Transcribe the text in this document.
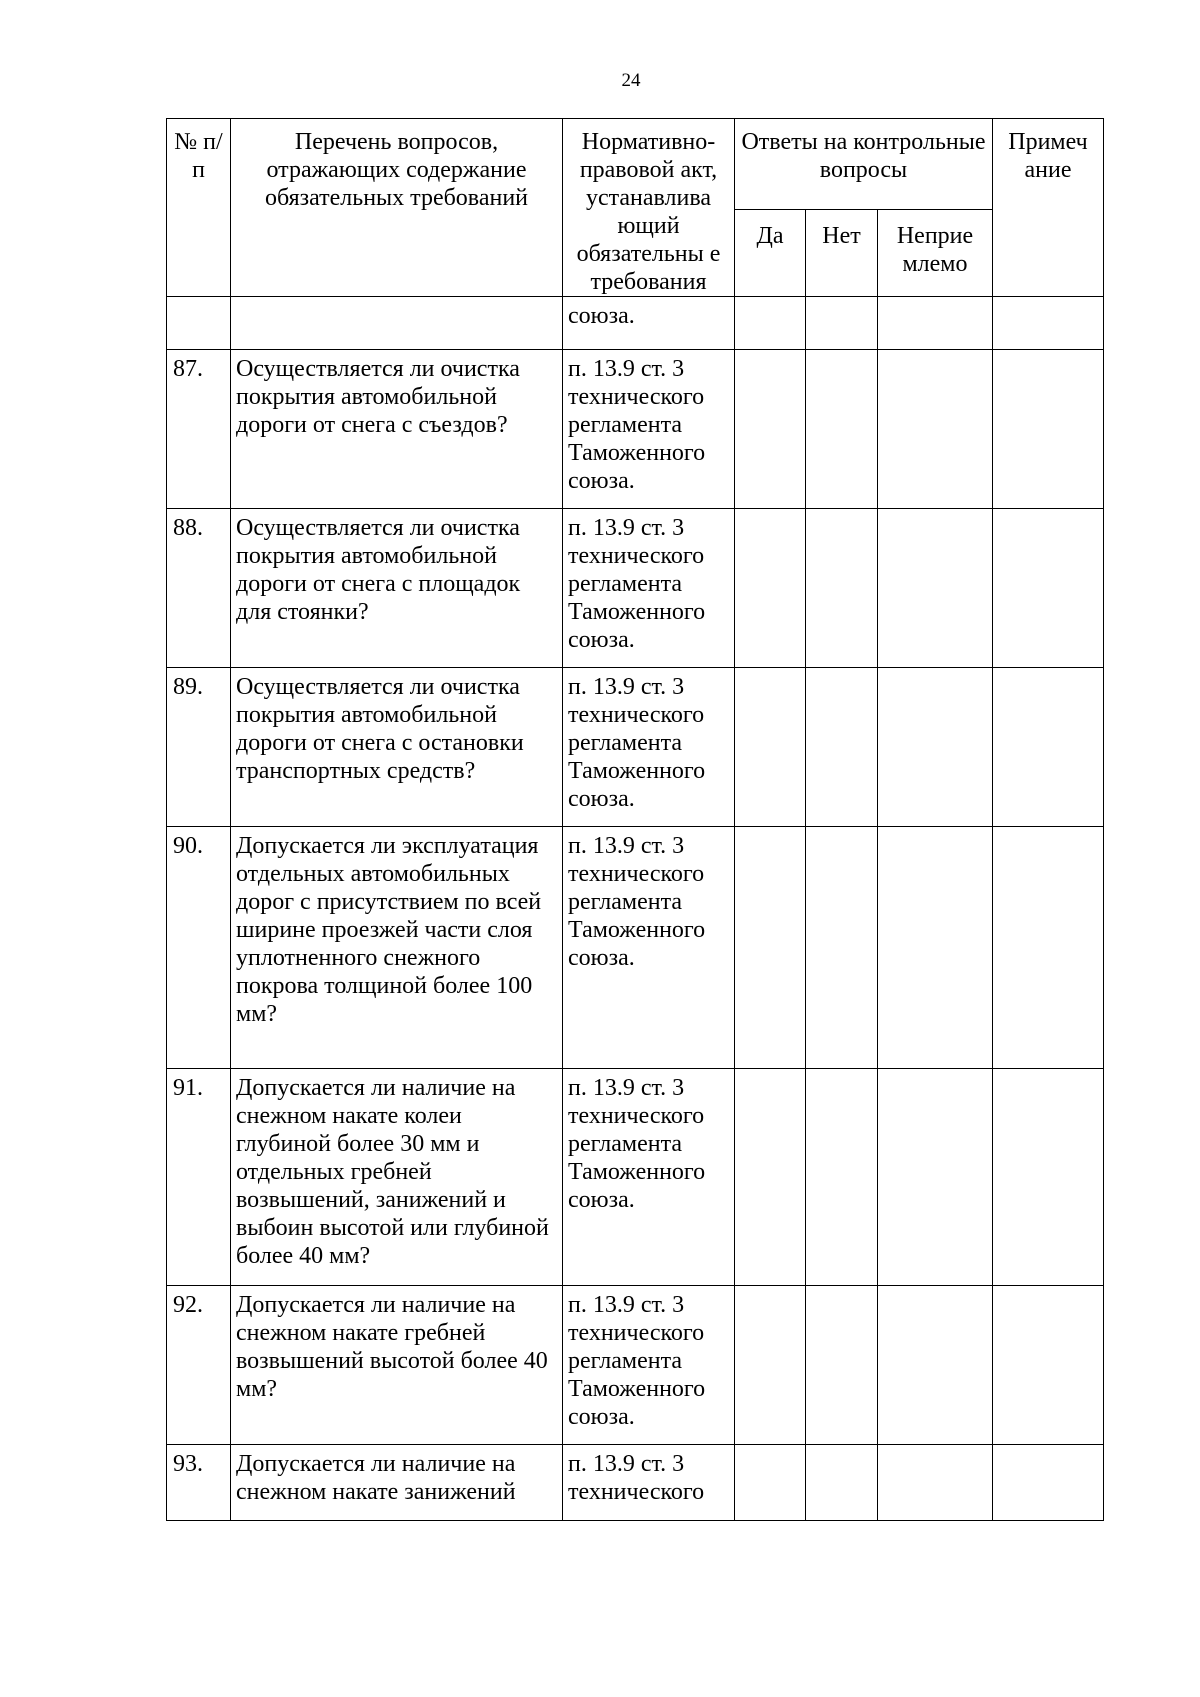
24
№ п/п	Перечень вопросов, отражающих содержание обязательных требований	Нормативно-правовой акт, устанавлива ющий обязательны е требования	Ответы на контрольные вопросы			Примеч ание
			Да	Нет	Неприе млемо	
		союза.				
87.	Осуществляется ли очистка покрытия автомобильной дороги от снега с съездов?	п. 13.9 ст. 3 технического регламента Таможенного союза.				
88.	Осуществляется ли очистка покрытия автомобильной дороги от снега с площадок для стоянки?	п. 13.9 ст. 3 технического регламента Таможенного союза.				
89.	Осуществляется ли очистка покрытия автомобильной дороги от снега с остановки транспортных средств?	п. 13.9 ст. 3 технического регламента Таможенного союза.				
90.	Допускается ли эксплуатация отдельных автомобильных дорог с присутствием по всей ширине проезжей части слоя уплотненного снежного покрова толщиной более 100 мм?	п. 13.9 ст. 3 технического регламента Таможенного союза.				
91.	Допускается ли наличие на снежном накате колеи глубиной более 30 мм и отдельных гребней возвышений, занижений и выбоин высотой или глубиной более 40 мм?	п. 13.9 ст. 3 технического регламента Таможенного союза.				
92.	Допускается ли наличие на снежном накате гребней возвышений высотой более 40 мм?	п. 13.9 ст. 3 технического регламента Таможенного союза.				
93.	Допускается ли наличие на снежном накате занижений	п. 13.9 ст. 3 технического				
